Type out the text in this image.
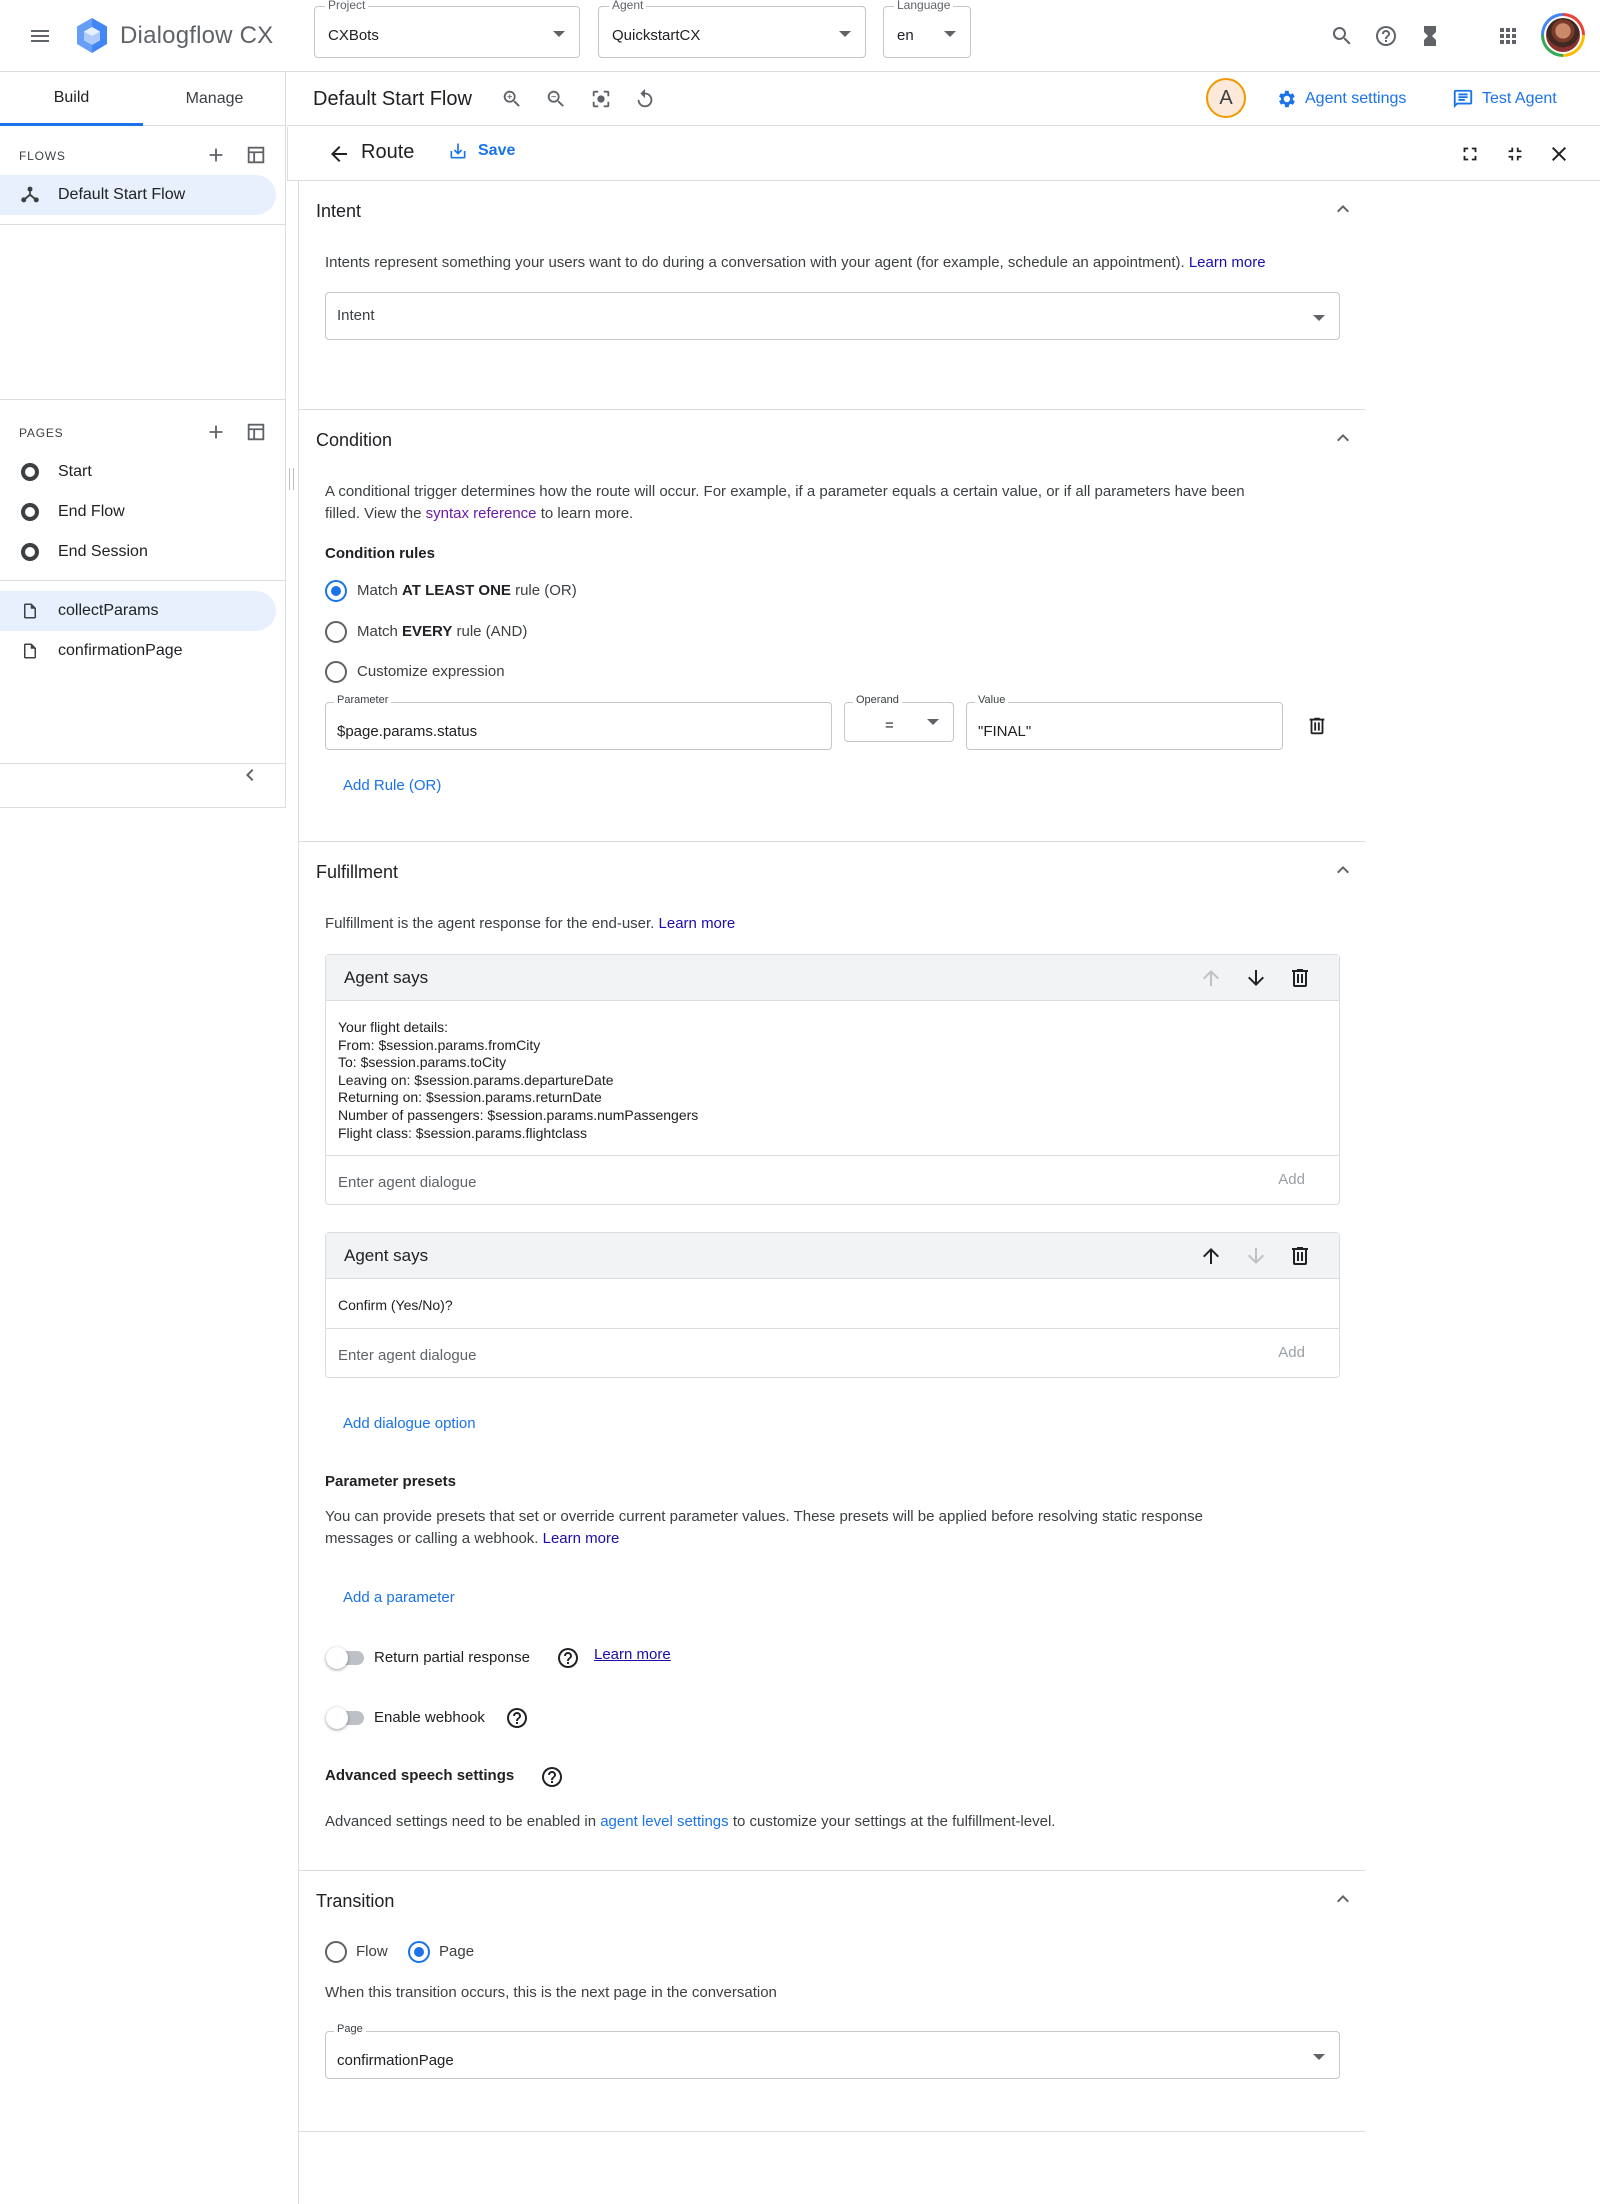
Dialogflow CX
Project
CXBots
Agent
QuickstartCX
Language
en
Build	Manage
FLOWS
Default Start Flow
PAGES
Start
End Flow
End Session
collectParams
confirmationPage
Default Start Flow	A	Agent settings	Test Agent
Route	Save
Intent
Intents represent something your users want to do during a conversation with your agent (for example, schedule an appointment). Learn more
Intent
Condition
A conditional trigger determines how the route will occur. For example, if a parameter equals a certain value, or if all parameters have been
filled. View the syntax reference to learn more.
Condition rules
Match AT LEAST ONE rule (OR)
Match EVERY rule (AND)
Customize expression
Parameter
$page.params.status
Operand
=
Value
"FINAL"
Add Rule (OR)
Fulfillment
Fulfillment is the agent response for the end-user. Learn more
Agent says
Your flight details:
From: $session.params.fromCity
To: $session.params.toCity
Leaving on: $session.params.departureDate
Returning on: $session.params.returnDate
Number of passengers: $session.params.numPassengers
Flight class: $session.params.flightclass
Enter agent dialogue	Add
Agent says
Confirm (Yes/No)?
Enter agent dialogue	Add
Add dialogue option
Parameter presets
You can provide presets that set or override current parameter values. These presets will be applied before resolving static response
messages or calling a webhook. Learn more
Add a parameter
Return partial response	Learn more
Enable webhook
Advanced speech settings
Advanced settings need to be enabled in agent level settings to customize your settings at the fulfillment-level.
Transition
Flow	Page
When this transition occurs, this is the next page in the conversation
Page
confirmationPage
